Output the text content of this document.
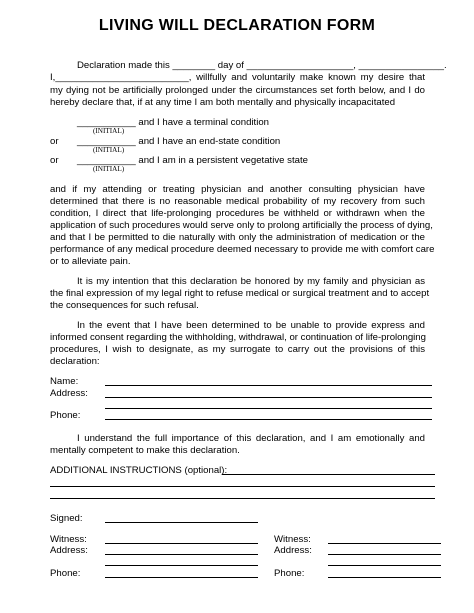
LIVING WILL DECLARATION FORM
Declaration made this ________ day of ____________________, ________________.
I,_________________________, willfully and voluntarily make known my desire that
my dying not be artificially prolonged under the circumstances set forth below, and I do
hereby declare that, if at any time I am both mentally and physically incapacitated
___________ and I have a terminal condition
(INITIAL)
or ___________ and I have an end-state condition
(INITIAL)
or ___________ and I am in a persistent vegetative state
(INITIAL)
and if my attending or treating physician and another consulting physician have
determined that there is no reasonable medical probability of my recovery from such
condition, I direct that life-prolonging procedures be withheld or withdrawn when the
application of such procedures would serve only to prolong artificially the process of dying,
and that I be permitted to die naturally with only the administration of medication or the
performance of any medical procedure deemed necessary to provide me with comfort care
or to alleviate pain.
It is my intention that this declaration be honored by my family and physician as
the final expression of my legal right to refuse medical or surgical treatment and to accept
the consequences for such refusal.
In the event that I have been determined to be unable to provide express and
informed consent regarding the withholding, withdrawal, or continuation of life-prolonging
procedures, I wish to designate, as my surrogate to carry out the provisions of this
declaration:
Name:
Address:
Phone:
I understand the full importance of this declaration, and I am emotionally and
mentally competent to make this declaration.
ADDITIONAL INSTRUCTIONS (optional):
Signed:
Witness:
Address:
Phone:
Witness:
Address:
Phone:
